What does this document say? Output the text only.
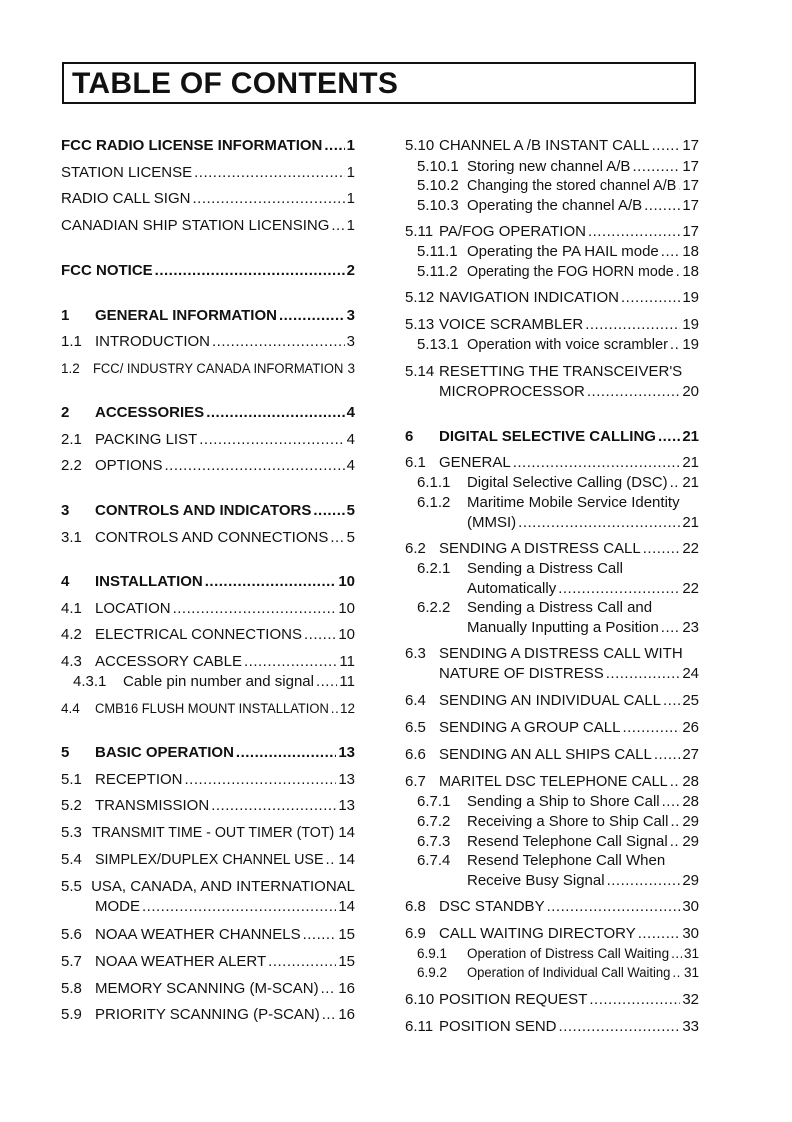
TABLE OF CONTENTS
FCC RADIO LICENSE INFORMATION ..... 1
STATION LICENSE .....	1
RADIO CALL SIGN .....	1
CANADIAN SHIP STATION LICENSING ..... 1
FCC NOTICE .....	2
1	GENERAL INFORMATION .....	3
1.1 INTRODUCTION .....	3
1.2 FCC/ INDUSTRY CANADA INFORMATION 3
2	ACCESSORIES .....	4
2.1 PACKING LIST .....	4
2.2 OPTIONS .....	4
3	CONTROLS AND INDICATORS ..... 5
3.1 CONTROLS AND CONNECTIONS ..... 5
4	INSTALLATION .....	10
4.1 LOCATION .....	10
4.2 ELECTRICAL CONNECTIONS ..... 10
4.3 ACCESSORY CABLE .....	11
4.3.1	Cable pin number and signal ..... 11
4.4	CMB16 FLUSH MOUNT INSTALLATION ..... 12
5	BASIC OPERATION .....	13
5.1 RECEPTION .....	13
5.2 TRANSMISSION .....	13
5.3 TRANSMIT TIME - OUT TIMER (TOT) 14
5.4 SIMPLEX/DUPLEX CHANNEL USE ..... 14
5.5 USA, CANADA, AND INTERNATIONAL
MODE .....	14
5.6 NOAA WEATHER CHANNELS .....	15
5.7 NOAA WEATHER ALERT .....	15
5.8 MEMORY SCANNING (M-SCAN) ..... 16
5.9 PRIORITY SCANNING (P-SCAN) ..... 16
5.10 CHANNEL A /B INSTANT CALL ..... 17
5.10.1 Storing new channel A/B .....	17
5.10.2 Changing the stored channel A/B ..... 17
5.10.3 Operating the channel A/B .....	17
5.11 PA/FOG OPERATION .....	17
5.11.1 Operating the PA HAIL mode ..... 18
5.11.2 Operating the FOG HORN mode ..... 18
5.12 NAVIGATION INDICATION .....	19
5.13 VOICE SCRAMBLER .....	19
5.13.1 Operation with voice scrambler ..... 19
5.14 RESETTING THE TRANSCEIVER'S
MICROPROCESSOR .....	20
6	DIGITAL SELECTIVE CALLING ..... 21
6.1 GENERAL .....	21
6.1.1	Digital Selective Calling (DSC) ..... 21
6.1.2	Maritime Mobile Service Identity
(MMSI) .....	21
6.2 SENDING A DISTRESS CALL .....	22
6.2.1	Sending a Distress Call
Automatically .....	22
6.2.2	Sending a Distress Call and
Manually Inputting a Position ..... 23
6.3 SENDING A DISTRESS CALL WITH
NATURE OF DISTRESS .....	24
6.4 SENDING AN INDIVIDUAL CALL ..... 25
6.5 SENDING A GROUP CALL .....	26
6.6 SENDING AN ALL SHIPS CALL ..... 27
6.7 MARITEL DSC TELEPHONE CALL ..... 28
6.7.1	Sending a Ship to Shore Call ..... 28
6.7.2	Receiving a Shore to Ship Call ..... 29
6.7.3	Resend Telephone Call Signal ..... 29
6.7.4	Resend Telephone Call When
Receive Busy Signal .....	29
6.8 DSC STANDBY .....	30
6.9 CALL WAITING DIRECTORY .....	30
6.9.1	Operation of Distress Call Waiting ..... 31
6.9.2	Operation of Individual Call Waiting ..... 31
6.10 POSITION REQUEST .....	32
6.11 POSITION SEND .....	33
